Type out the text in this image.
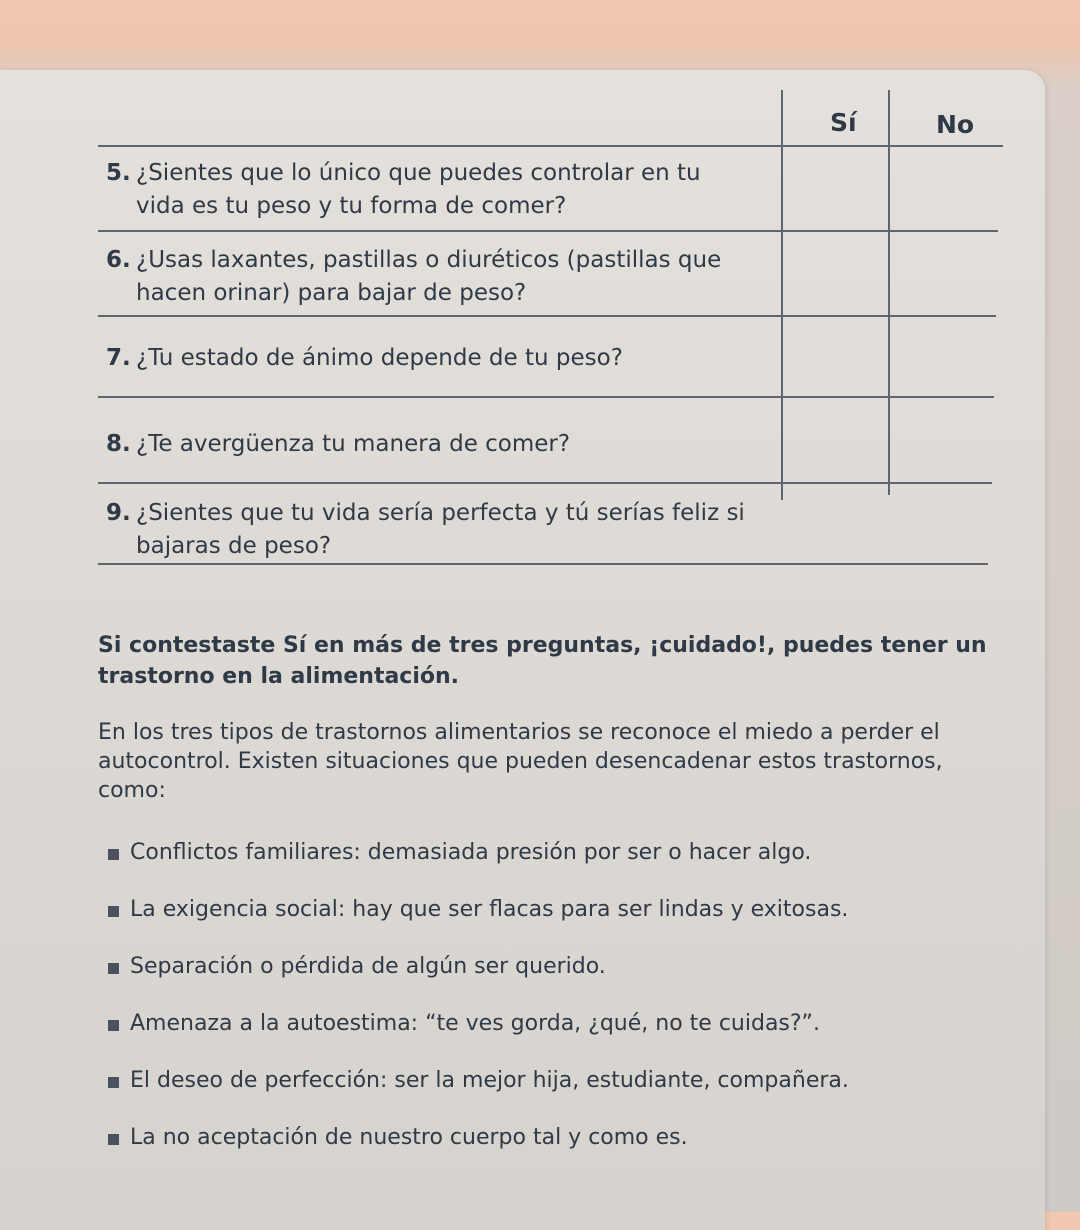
Sí	No
5. ¿Sientes que lo único que puedes controlar en tu
vida es tu peso y tu forma de comer?
6. ¿Usas laxantes, pastillas o diuréticos (pastillas que
hacen orinar) para bajar de peso?
7. ¿Tu estado de ánimo depende de tu peso?
8. ¿Te avergüenza tu manera de comer?
9. ¿Sientes que tu vida sería perfecta y tú serías feliz si
bajaras de peso?
Si contestaste Sí en más de tres preguntas, ¡cuidado!, puedes tener un trastorno en la alimentación.
En los tres tipos de trastornos alimentarios se reconoce el miedo a perder el autocontrol. Existen situaciones que pueden desencadenar estos trastornos, como:
Conflictos familiares: demasiada presión por ser o hacer algo.
La exigencia social: hay que ser flacas para ser lindas y exitosas.
Separación o pérdida de algún ser querido.
Amenaza a la autoestima: “te ves gorda, ¿qué, no te cuidas?”.
El deseo de perfección: ser la mejor hija, estudiante, compañera.
La no aceptación de nuestro cuerpo tal y como es.
